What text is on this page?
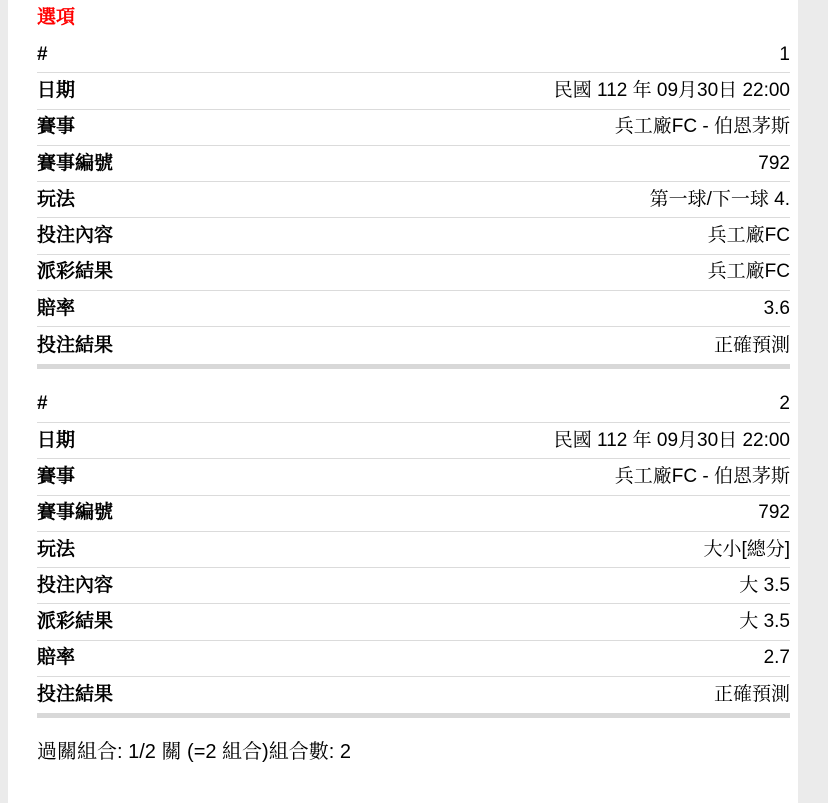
選項
#	1
日期	民國 112 年 09月30日 22:00
賽事	兵工廠FC - 伯恩茅斯
賽事編號	792
玩法	第一球/下一球 4.
投注內容	兵工廠FC
派彩結果	兵工廠FC
賠率	3.6
投注結果	正確預測
#	2
日期	民國 112 年 09月30日 22:00
賽事	兵工廠FC - 伯恩茅斯
賽事編號	792
玩法	大小[總分]
投注內容	大 3.5
派彩結果	大 3.5
賠率	2.7
投注結果	正確預測

過關組合: 1/2 關 (=2 組合)組合數: 2
